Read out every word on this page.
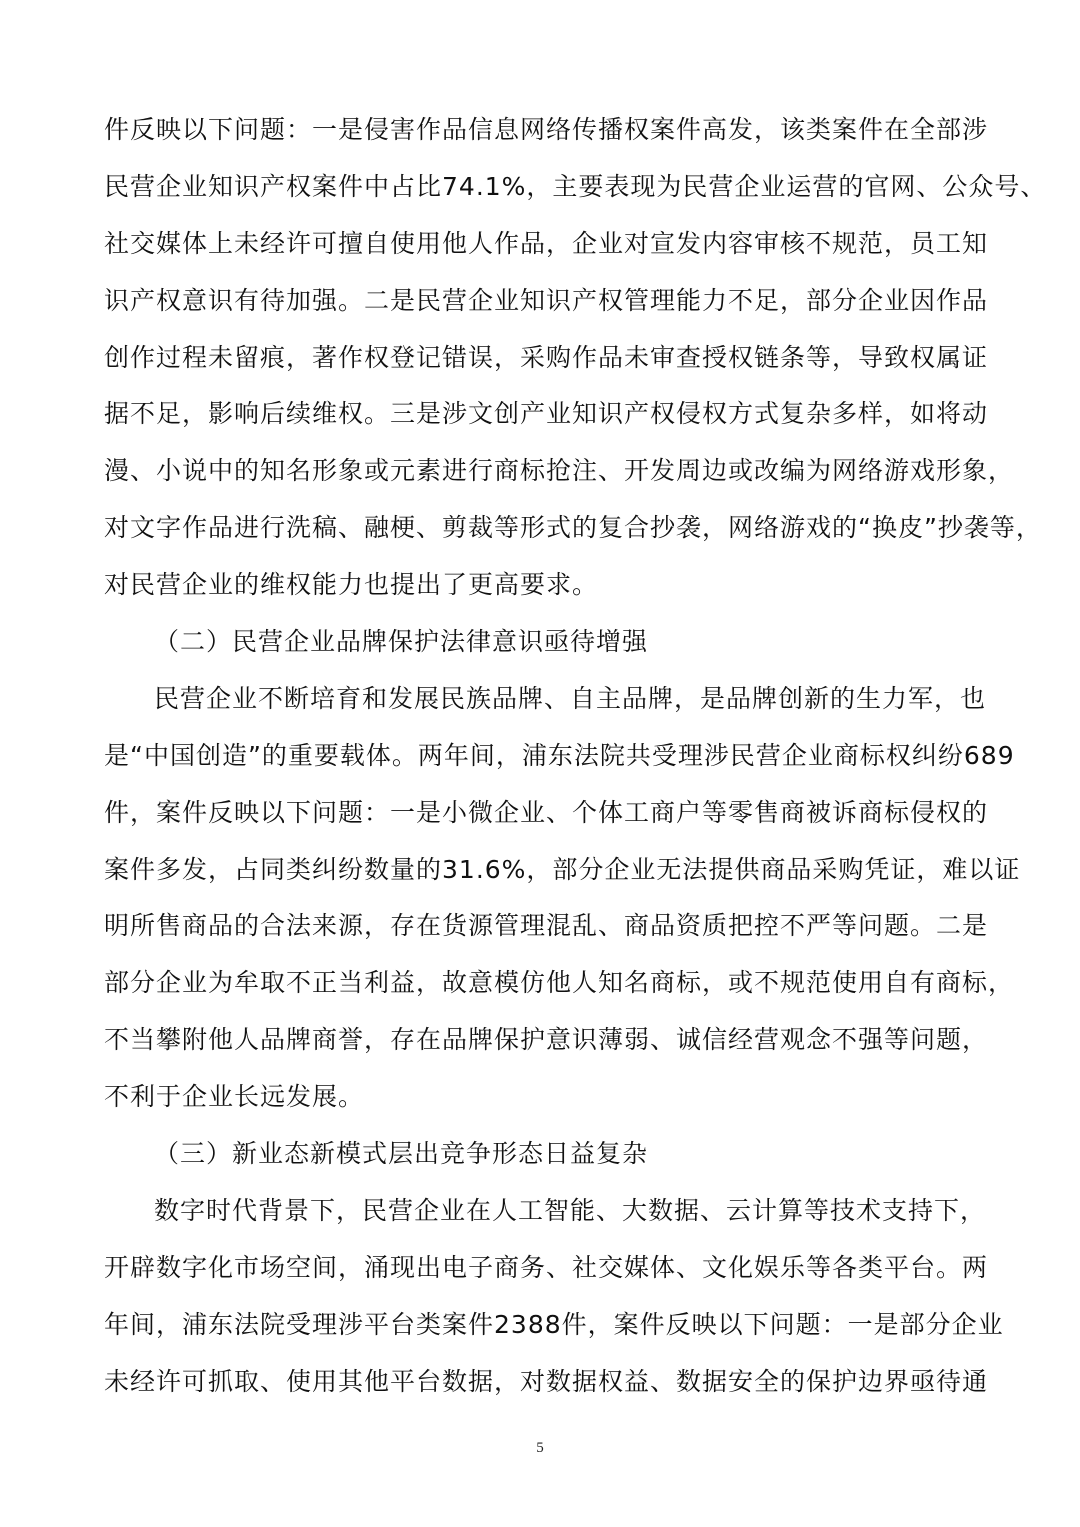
件反映以下问题：一是侵害作品信息网络传播权案件高发，该类案件在全部涉
民营企业知识产权案件中占比74.1%，主要表现为民营企业运营的官网、公众号、
社交媒体上未经许可擅自使用他人作品，企业对宣发内容审核不规范，员工知
识产权意识有待加强。二是民营企业知识产权管理能力不足，部分企业因作品
创作过程未留痕，著作权登记错误，采购作品未审查授权链条等，导致权属证
据不足，影响后续维权。三是涉文创产业知识产权侵权方式复杂多样，如将动
漫、小说中的知名形象或元素进行商标抢注、开发周边或改编为网络游戏形象，
对文字作品进行洗稿、融梗、剪裁等形式的复合抄袭，网络游戏的“换皮”抄袭等，
对民营企业的维权能力也提出了更高要求。
（二）民营企业品牌保护法律意识亟待增强
民营企业不断培育和发展民族品牌、自主品牌，是品牌创新的生力军，也
是“中国创造”的重要载体。两年间，浦东法院共受理涉民营企业商标权纠纷689
件，案件反映以下问题：一是小微企业、个体工商户等零售商被诉商标侵权的
案件多发，占同类纠纷数量的31.6%，部分企业无法提供商品采购凭证，难以证
明所售商品的合法来源，存在货源管理混乱、商品资质把控不严等问题。二是
部分企业为牟取不正当利益，故意模仿他人知名商标，或不规范使用自有商标，
不当攀附他人品牌商誉，存在品牌保护意识薄弱、诚信经营观念不强等问题，
不利于企业长远发展。
（三）新业态新模式层出竞争形态日益复杂
数字时代背景下，民营企业在人工智能、大数据、云计算等技术支持下，
开辟数字化市场空间，涌现出电子商务、社交媒体、文化娱乐等各类平台。两
年间，浦东法院受理涉平台类案件2388件，案件反映以下问题：一是部分企业
未经许可抓取、使用其他平台数据，对数据权益、数据安全的保护边界亟待通
5
